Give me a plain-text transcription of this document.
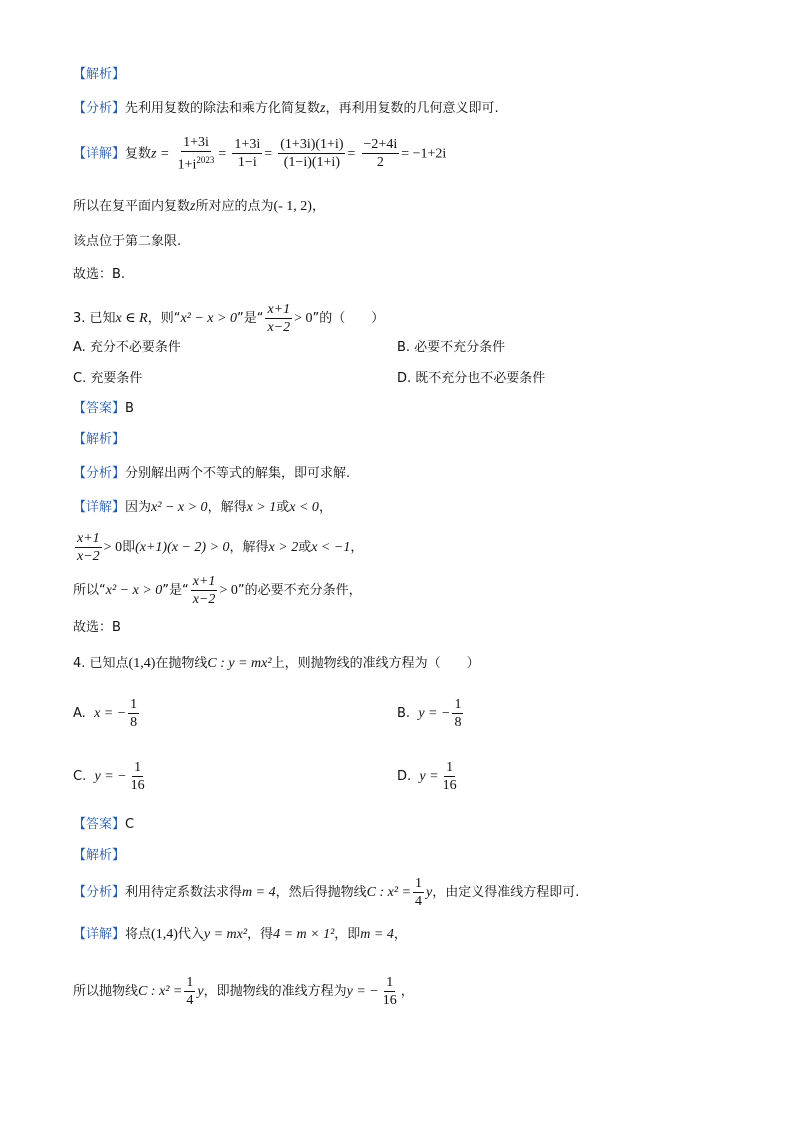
【解析】
【分析】先利用复数的除法和乘方化简复数z，再利用复数的几何意义即可.
【详解】复数$z = \frac{1+3i}{1+i^{2023}} = \frac{1+3i}{1-i} = \frac{(1+3i)(1+i)}{(1-i)(1+i)} = \frac{-2+4i}{2} = -1+2i$
所以在复平面内复数z所对应的点为(- 1, 2)，
该点位于第二象限.
故选：B.
3. 已知x ∈ R，则“x² − x > 0”是“ $\frac{x+1}{x-2} > 0$”的（　　）
A. 充分不必要条件	B. 必要不充分条件
C. 充要条件	D. 既不充分也不必要条件
【答案】B
【解析】
【分析】分别解出两个不等式的解集，即可求解.
【详解】因为x² − x > 0，解得x > 1或x < 0，
$\frac{x+1}{x-2} > 0$即(x+1)(x − 2) > 0，解得x > 2或x < −1，
所以“x² − x > 0”是“ $\frac{x+1}{x-2} > 0$”的必要不充分条件，
故选：B
4. 已知点(1,4)在抛物线C : y = mx²上，则抛物线的准线方程为（　　）
A. x = − $\frac{1}{8}$	B. y = − $\frac{1}{8}$
C. y = − $\frac{1}{16}$	D. $y = \frac{1}{16}$
【答案】C
【解析】
【分析】利用待定系数法求得m = 4，然后得抛物线C : $x^2 = \frac{1}{4}$ y，由定义得准线方程即可.
【详解】将点(1,4)代入y = mx²，得4 = m × 1²，即m = 4，
所以抛物线C : $x^2 = \frac{1}{4}$ y，即抛物线的准线方程为y = − $\frac{1}{16}$ ，
